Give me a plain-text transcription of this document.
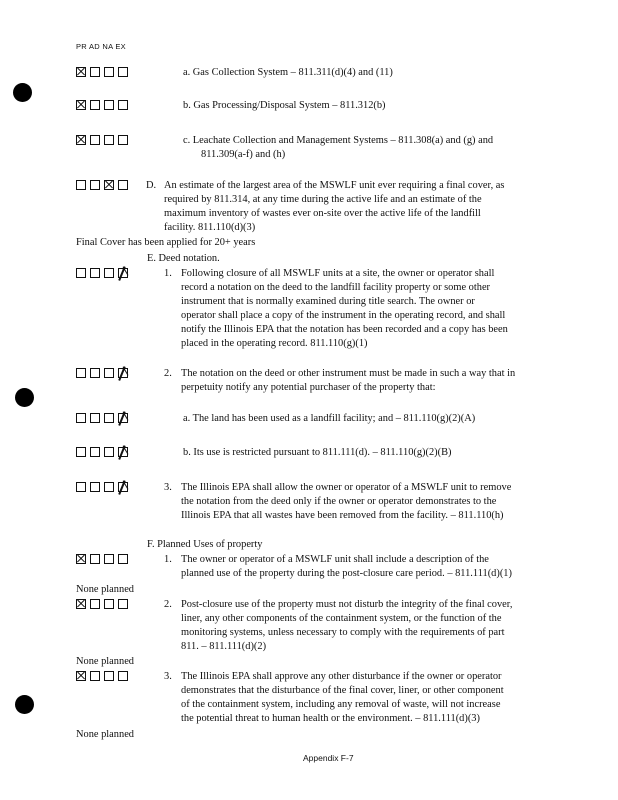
PR AD NA EX
a. Gas Collection System – 811.311(d)(4) and (11)
b. Gas Processing/Disposal System – 811.312(b)
c. Leachate Collection and Management Systems – 811.308(a) and (g) and
811.309(a-f) and (h)
D. An estimate of the largest area of the MSWLF unit ever requiring a final cover, as
required by 811.314, at any time during the active life and an estimate of the
maximum inventory of wastes ever on-site over the active life of the landfill
facility. 811.110(d)(3)
Final Cover has been applied for 20+ years
E. Deed notation.
1. Following closure of all MSWLF units at a site, the owner or operator shall
record a notation on the deed to the landfill facility property or some other
instrument that is normally examined during title search. The owner or
operator shall place a copy of the instrument in the operating record, and shall
notify the Illinois EPA that the notation has been recorded and a copy has been
placed in the operating record. 811.110(g)(1)
2. The notation on the deed or other instrument must be made in such a way that in
perpetuity notify any potential purchaser of the property that:
a. The land has been used as a landfill facility; and – 811.110(g)(2)(A)
b. Its use is restricted pursuant to 811.111(d). – 811.110(g)(2)(B)
3. The Illinois EPA shall allow the owner or operator of a MSWLF unit to remove
the notation from the deed only if the owner or operator demonstrates to the
Illinois EPA that all wastes have been removed from the facility. – 811.110(h)
F. Planned Uses of property
1. The owner or operator of a MSWLF unit shall include a description of the
planned use of the property during the post-closure care period. – 811.111(d)(1)
None planned
2. Post-closure use of the property must not disturb the integrity of the final cover,
liner, any other components of the containment system, or the function of the
monitoring systems, unless necessary to comply with the requirements of part
811. – 811.111(d)(2)
None planned
3. The Illinois EPA shall approve any other disturbance if the owner or operator
demonstrates that the disturbance of the final cover, liner, or other component
of the containment system, including any removal of waste, will not increase
the potential threat to human health or the environment. – 811.111(d)(3)
None planned
Appendix F-7
